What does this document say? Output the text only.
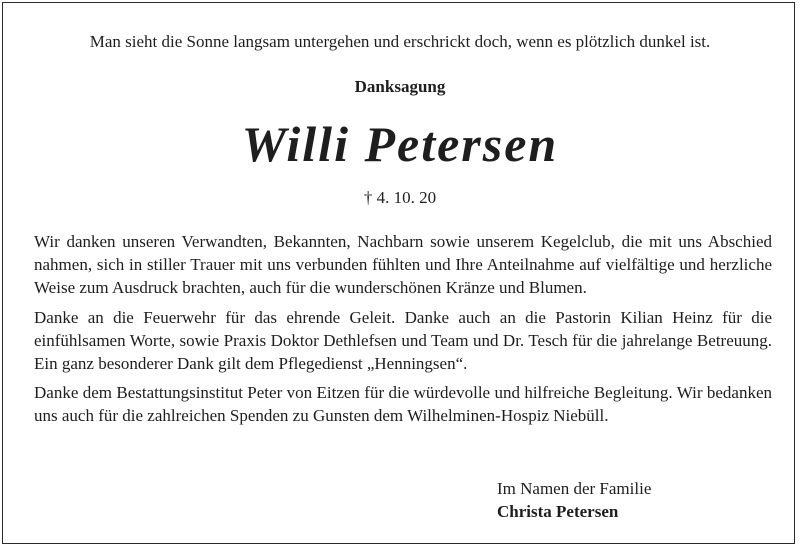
Man sieht die Sonne langsam untergehen und erschrickt doch, wenn es plötzlich dunkel ist.

Danksagung

Willi Petersen

† 4. 10. 20

Wir danken unseren Verwandten, Bekannten, Nachbarn sowie unserem Kegelclub, die mit uns Abschied nahmen, sich in stiller Trauer mit uns verbunden fühlten und Ihre Anteilnahme auf vielfältige und herzliche Weise zum Ausdruck brachten, auch für die wunderschönen Kränze und Blumen.

Danke an die Feuerwehr für das ehrende Geleit. Danke auch an die Pastorin Kilian Heinz für die einfühlsamen Worte, sowie Praxis Doktor Dethlefsen und Team und Dr. Tesch für die jahrelange Betreuung. Ein ganz besonderer Dank gilt dem Pflegedienst „Henningsen“.

Danke dem Bestattungsinstitut Peter von Eitzen für die würdevolle und hilfreiche Begleitung. Wir bedanken uns auch für die zahlreichen Spenden zu Gunsten dem Wilhelminen-Hospiz Niebüll.

Im Namen der Familie
Christa Petersen
